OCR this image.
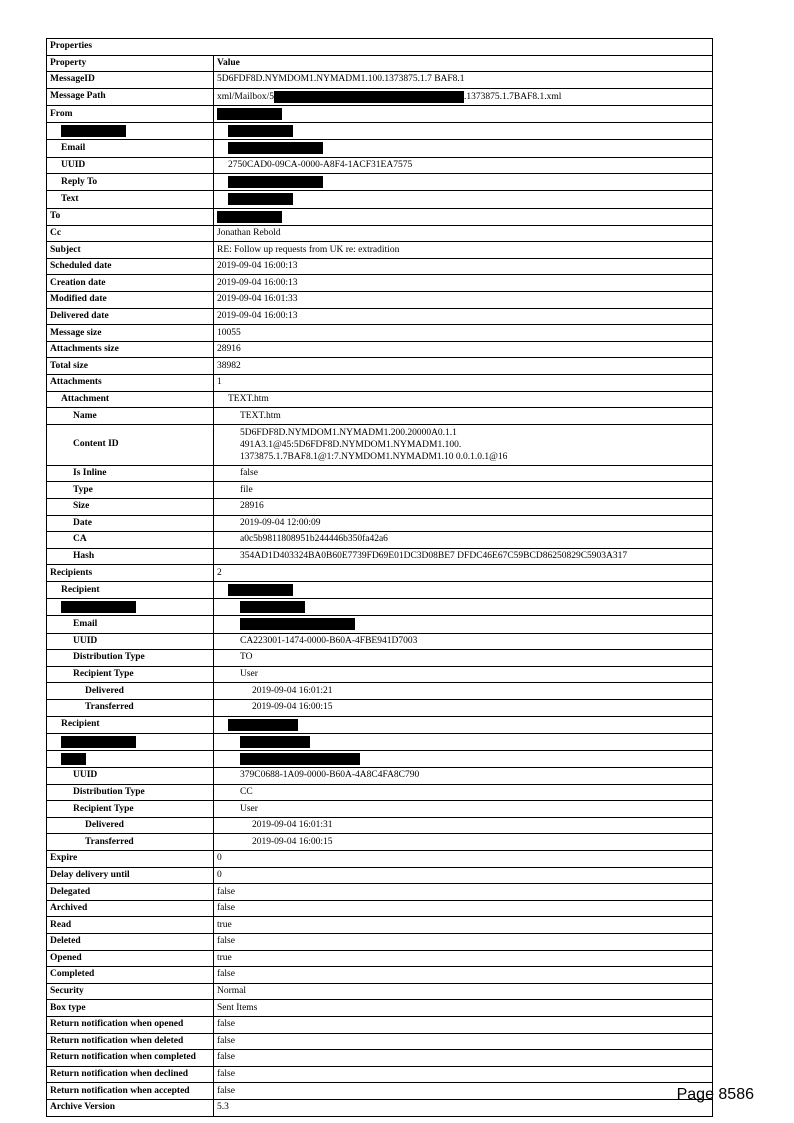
Properties	
Property	Value
MessageID	5D6FDF8D.NYMDOM1.NYMADM1.100.1373875.1.7 BAF8.1
Message Path	xml/Mailbox/5 .1373875.1.7BAF8.1.xml
From	

Email	
UUID	2750CAD0-09CA-0000-A8F4-1ACF31EA7575
Reply To	
Text	
To	
Cc	Jonathan Rebold
Subject	RE: Follow up requests from UK re: extradition
Scheduled date	2019-09-04 16:00:13
Creation date	2019-09-04 16:00:13
Modified date	2019-09-04 16:01:33
Delivered date	2019-09-04 16:00:13
Message size	10055
Attachments size	28916
Total size	38982
Attachments	1
Attachment	TEXT.htm
Name	TEXT.htm
Content ID	5D6FDF8D.NYMDOM1.NYMADM1.200.20000A0.1.1
491A3.1@45:5D6FDF8D.NYMDOM1.NYMADM1.100.
1373875.1.7BAF8.1@1:7.NYMDOM1.NYMADM1.10 0.0.1.0.1@16

Is Inline	false
Type	file
Size	28916
Date	2019-09-04 12:00:09
CA	a0c5b9811808951b244446b350fa42a6
Hash	354AD1D403324BA0B60E7739FD69E01DC3D08BE7 DFDC46E67C59BCD86250829C5903A317
Recipients	2
Recipient	

Email	
UUID	CA223001-1474-0000-B60A-4FBE941D7003
Distribution Type	TO
Recipient Type	User
Delivered	2019-09-04 16:01:21
Transferred	2019-09-04 16:00:15
Recipient	

UUID	379C0688-1A09-0000-B60A-4A8C4FA8C790
Distribution Type	CC
Recipient Type	User
Delivered	2019-09-04 16:01:31
Transferred	2019-09-04 16:00:15
Expire	0
Delay delivery until	0
Delegated	false
Archived	false
Read	true
Deleted	false
Opened	true
Completed	false
Security	Normal
Box type	Sent Items
Return notification when opened	false
Return notification when deleted	false
Return notification when completed	false
Return notification when declined	false
Return notification when accepted	false
Archive Version	5.3
Page 8586
